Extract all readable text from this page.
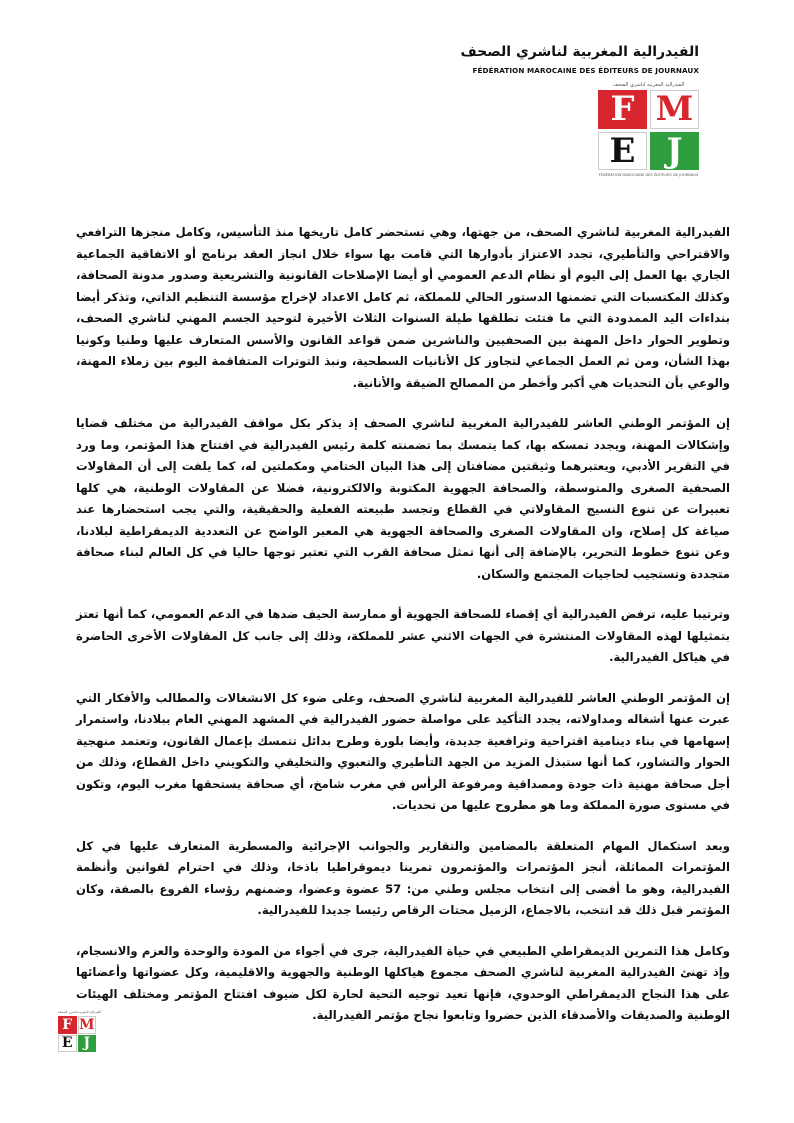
الفيدرالية المغربية لناشري الصحف
FÉDÉRATION MAROCAINE DES ÉDITEURS DE JOURNAUX
الفيدرالية المغربية لناشري الصحف
F M
E J
FÉDÉRATION MAROCAINE DES ÉDITEURS DE JOURNAUX

الفيدرالية المغربية لناشري الصحف، من جهتها، وهي تستحضر كامل تاريخها منذ التأسيس، وكامل منجزها الترافعي والاقتراحي والتأطيري، تجدد الاعتزاز بأدوارها التي قامت بها سواء خلال انجاز العقد برنامج أو الاتفاقية الجماعية الجاري بها العمل إلى اليوم أو نظام الدعم العمومي أو أيضا الإصلاحات القانونية والتشريعية وصدور مدونة الصحافة، وكذلك المكتسبات التي تضمنها الدستور الحالي للمملكة، ثم كامل الاعداد لإخراج مؤسسة التنظيم الذاتي، وتذكر أيضا بنداءات اليد الممدودة التي ما فتئت تطلقها طيلة السنوات الثلاث الأخيرة لتوحيد الجسم المهني لناشري الصحف، وتطوير الحوار داخل المهنة بين الصحفيين والناشرين ضمن قواعد القانون والأسس المتعارف عليها وطنيا وكونيا بهذا الشأن، ومن ثم العمل الجماعي لتجاوز كل الأنانيات السطحية، ونبذ التوترات المتفاقمة اليوم بين زملاء المهنة، والوعي بأن التحديات هي أكبر وأخطر من المصالح الضيقة والأنانية.

إن المؤتمر الوطني العاشر للفيدرالية المغربية لناشري الصحف إذ يذكر بكل مواقف الفيدرالية من مختلف قضايا وإشكالات المهنة، ويجدد تمسكه بها، كما يتمسك بما تضمنته كلمة رئيس الفيدرالية في افتتاح هذا المؤتمر، وما ورد في التقرير الأدبي، ويعتبرهما وثيقتين مضافتان إلى هذا البيان الختامي ومكملتين له، كما يلفت إلى أن المقاولات الصحفية الصغرى والمتوسطة، والصحافة الجهوية المكتوبة والالكترونية، فضلا عن المقاولات الوطنية، هي كلها تعبيرات عن تنوع النسيج المقاولاتي في القطاع وتجسد طبيعته الفعلية والحقيقية، والتي يجب استحضارها عند صياغة كل إصلاح، وان المقاولات الصغرى والصحافة الجهوية هي المعبر الواضح عن التعددية الديمقراطية لبلادنا، وعن تنوع خطوط التحرير، بالإضافة إلى أنها تمثل صحافة القرب التي تعتبر توجها حاليا في كل العالم لبناء صحافة متجددة وتستجيب لحاجيات المجتمع والسكان.

وترتيبا عليه، ترفض الفيدرالية أي إقصاء للصحافة الجهوية أو ممارسة الحيف ضدها في الدعم العمومي، كما أنها تعتز بتمثيلها لهذه المقاولات المنتشرة في الجهات الاثني عشر للمملكة، وذلك إلى جانب كل المقاولات الأخرى الحاضرة في هياكل الفيدرالية.

إن المؤتمر الوطني العاشر للفيدرالية المغربية لناشري الصحف، وعلى ضوء كل الانشغالات والمطالب والأفكار التي عبرت عنها أشغاله ومداولاته، يجدد التأكيد على مواصلة حضور الفيدرالية في المشهد المهني العام ببلادنا، واستمرار إسهامها في بناء دينامية اقتراحية وترافعية جديدة، وأيضا بلورة وطرح بدائل تتمسك بإعمال القانون، وتعتمد منهجية الحوار والتشاور، كما أنها ستبذل المزيد من الجهد التأطيري والتعبوي والتخليقي والتكويني داخل القطاع، وذلك من أجل صحافة مهنية ذات جودة ومصداقية ومرفوعة الرأس في مغرب شامخ، أي صحافة يستحقها مغرب اليوم، وتكون في مستوى صورة المملكة وما هو مطروح عليها من تحديات.

وبعد استكمال المهام المتعلقة بالمضامين والتقارير والجوانب الإجرائية والمسطرية المتعارف عليها في كل المؤتمرات المماثلة، أنجز المؤتمرات والمؤتمرون تمرينا ديموقراطيا باذخا، وذلك في احترام لقوانين وأنظمة الفيدرالية، وهو ما أفضى إلى انتخاب مجلس وطني من: 57 عضوة وعضوا، وضمنهم رؤساء الفروع بالصفة، وكان المؤتمر قبل ذلك قد انتخب، بالاجماع، الزميل محتات الرقاص رئيسا جديدا للفيدرالية.

وكامل هذا التمرين الديمقراطي الطبيعي في حياة الفيدرالية، جرى في أجواء من المودة والوحدة والعزم والانسجام، وإذ تهنئ الفيدرالية المغربية لناشري الصحف مجموع هياكلها الوطنية والجهوية والاقليمية، وكل عضواتها وأعضائها على هذا النجاح الديمقراطي الوحدوي، فإنها تعيد توجيه التحية لحارة لكل ضيوف افتتاح المؤتمر ومختلف الهيئات الوطنية والصديقات والأصدقاء الذين حضروا وتابعوا نجاح مؤتمر الفيدرالية.

الفيدرالية المغربية لناشري الصحف
F M
E J
